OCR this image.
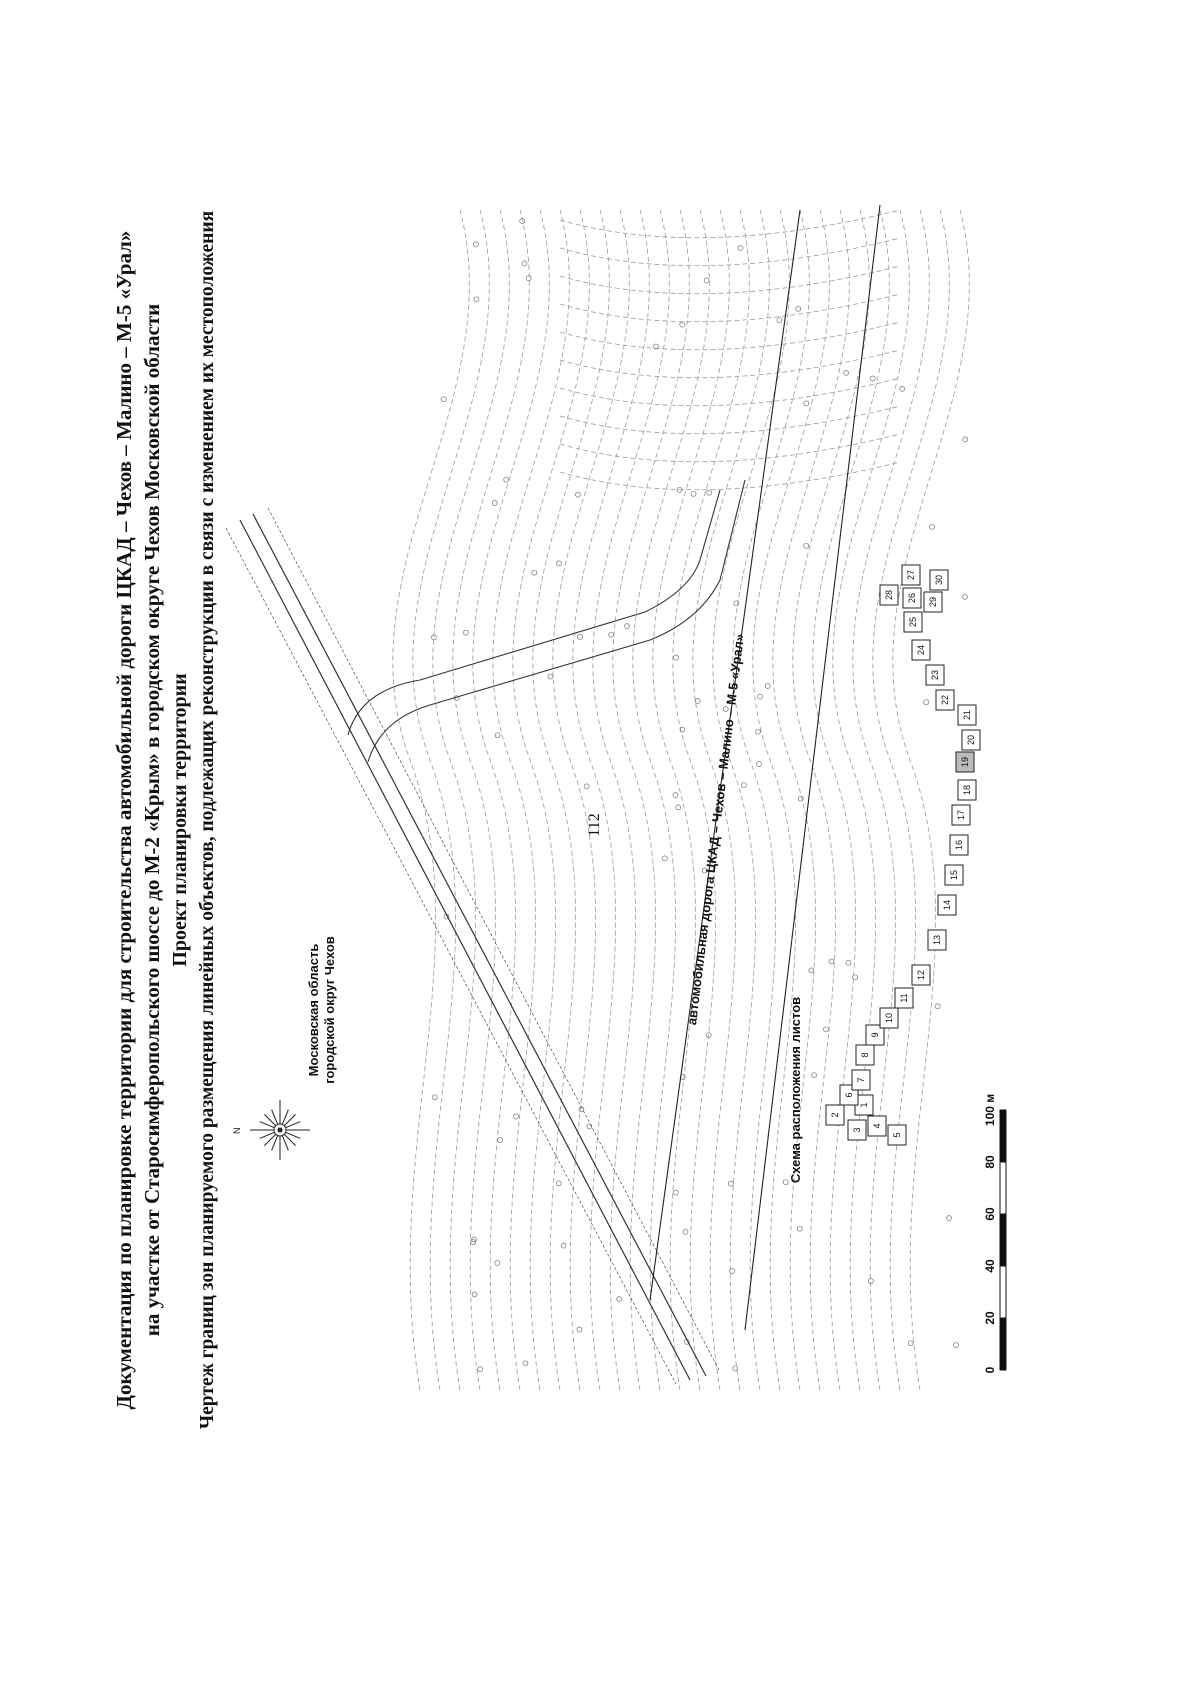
112
Документация по планировке территории для строительства автомобильной дороги ЦКАД – Чехов – Малино – М-5 «Урал» на участке от Старосимферопольского шоссе до М-2 «Крым» в городском округе Чехов Московской области Проект планировки территории Чертеж границ зон планируемого размещения линейных объектов, подлежащих реконструкции в связи с изменением их местоположения	Московская область городской округ Чехов	автомобильная дорога ЦКАД – Чехов – Малино – М-5 «Урал»
N	Схема расположения листов	1
2
3
4
5
6
7
8
9
10
11
12
13
14
15
16
17
18
19
20
21
22
23
24
25
26
27
28
29
30
0
20
40
60
80
100 м
